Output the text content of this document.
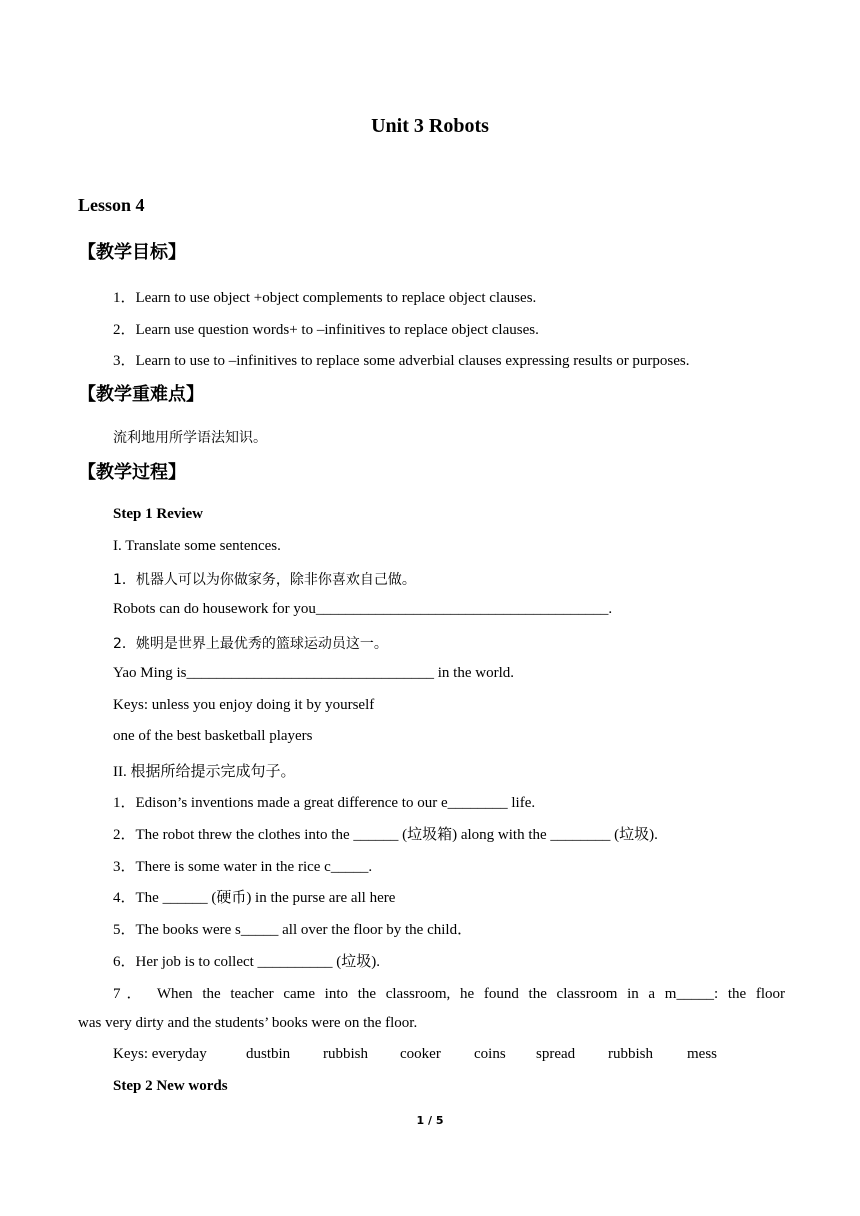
Unit 3 Robots
Lesson 4
【教学目标】
1．Learn to use object +object complements to replace object clauses.
2．Learn use question words+ to –infinitives to replace object clauses.
3．Learn to use to –infinitives to replace some adverbial clauses expressing results or purposes.
【教学重难点】
流利地用所学语法知识。
【教学过程】
Step 1 Review
I. Translate some sentences.
1．机器人可以为你做家务，除非你喜欢自己做。
Robots can do housework for you_______________________________________.
2．姚明是世界上最优秀的篮球运动员这一。
Yao Ming is_________________________________ in the world.
Keys: unless you enjoy doing it by yourself
one of the best basketball players
II. 根据所给提示完成句子。
1．Edison’s inventions made a great difference to our e________ life.
2．The robot threw the clothes into the ______ (垃圾箱) along with the ________ (垃圾).
3．There is some water in the rice c_____.
4．The ______ (硬币) in the purse are all here
5．The books were s_____ all over the floor by the child．
6．Her job is to collect __________ (垃圾).
7． When the teacher came into the classroom, he found the classroom in a m_____: the floor
was very dirty and the students’ books were on the floor.
Keys: everyday	dustbin	rubbish	cooker	coins	spread	rubbish	mess
Step 2 New words
1 / 5
